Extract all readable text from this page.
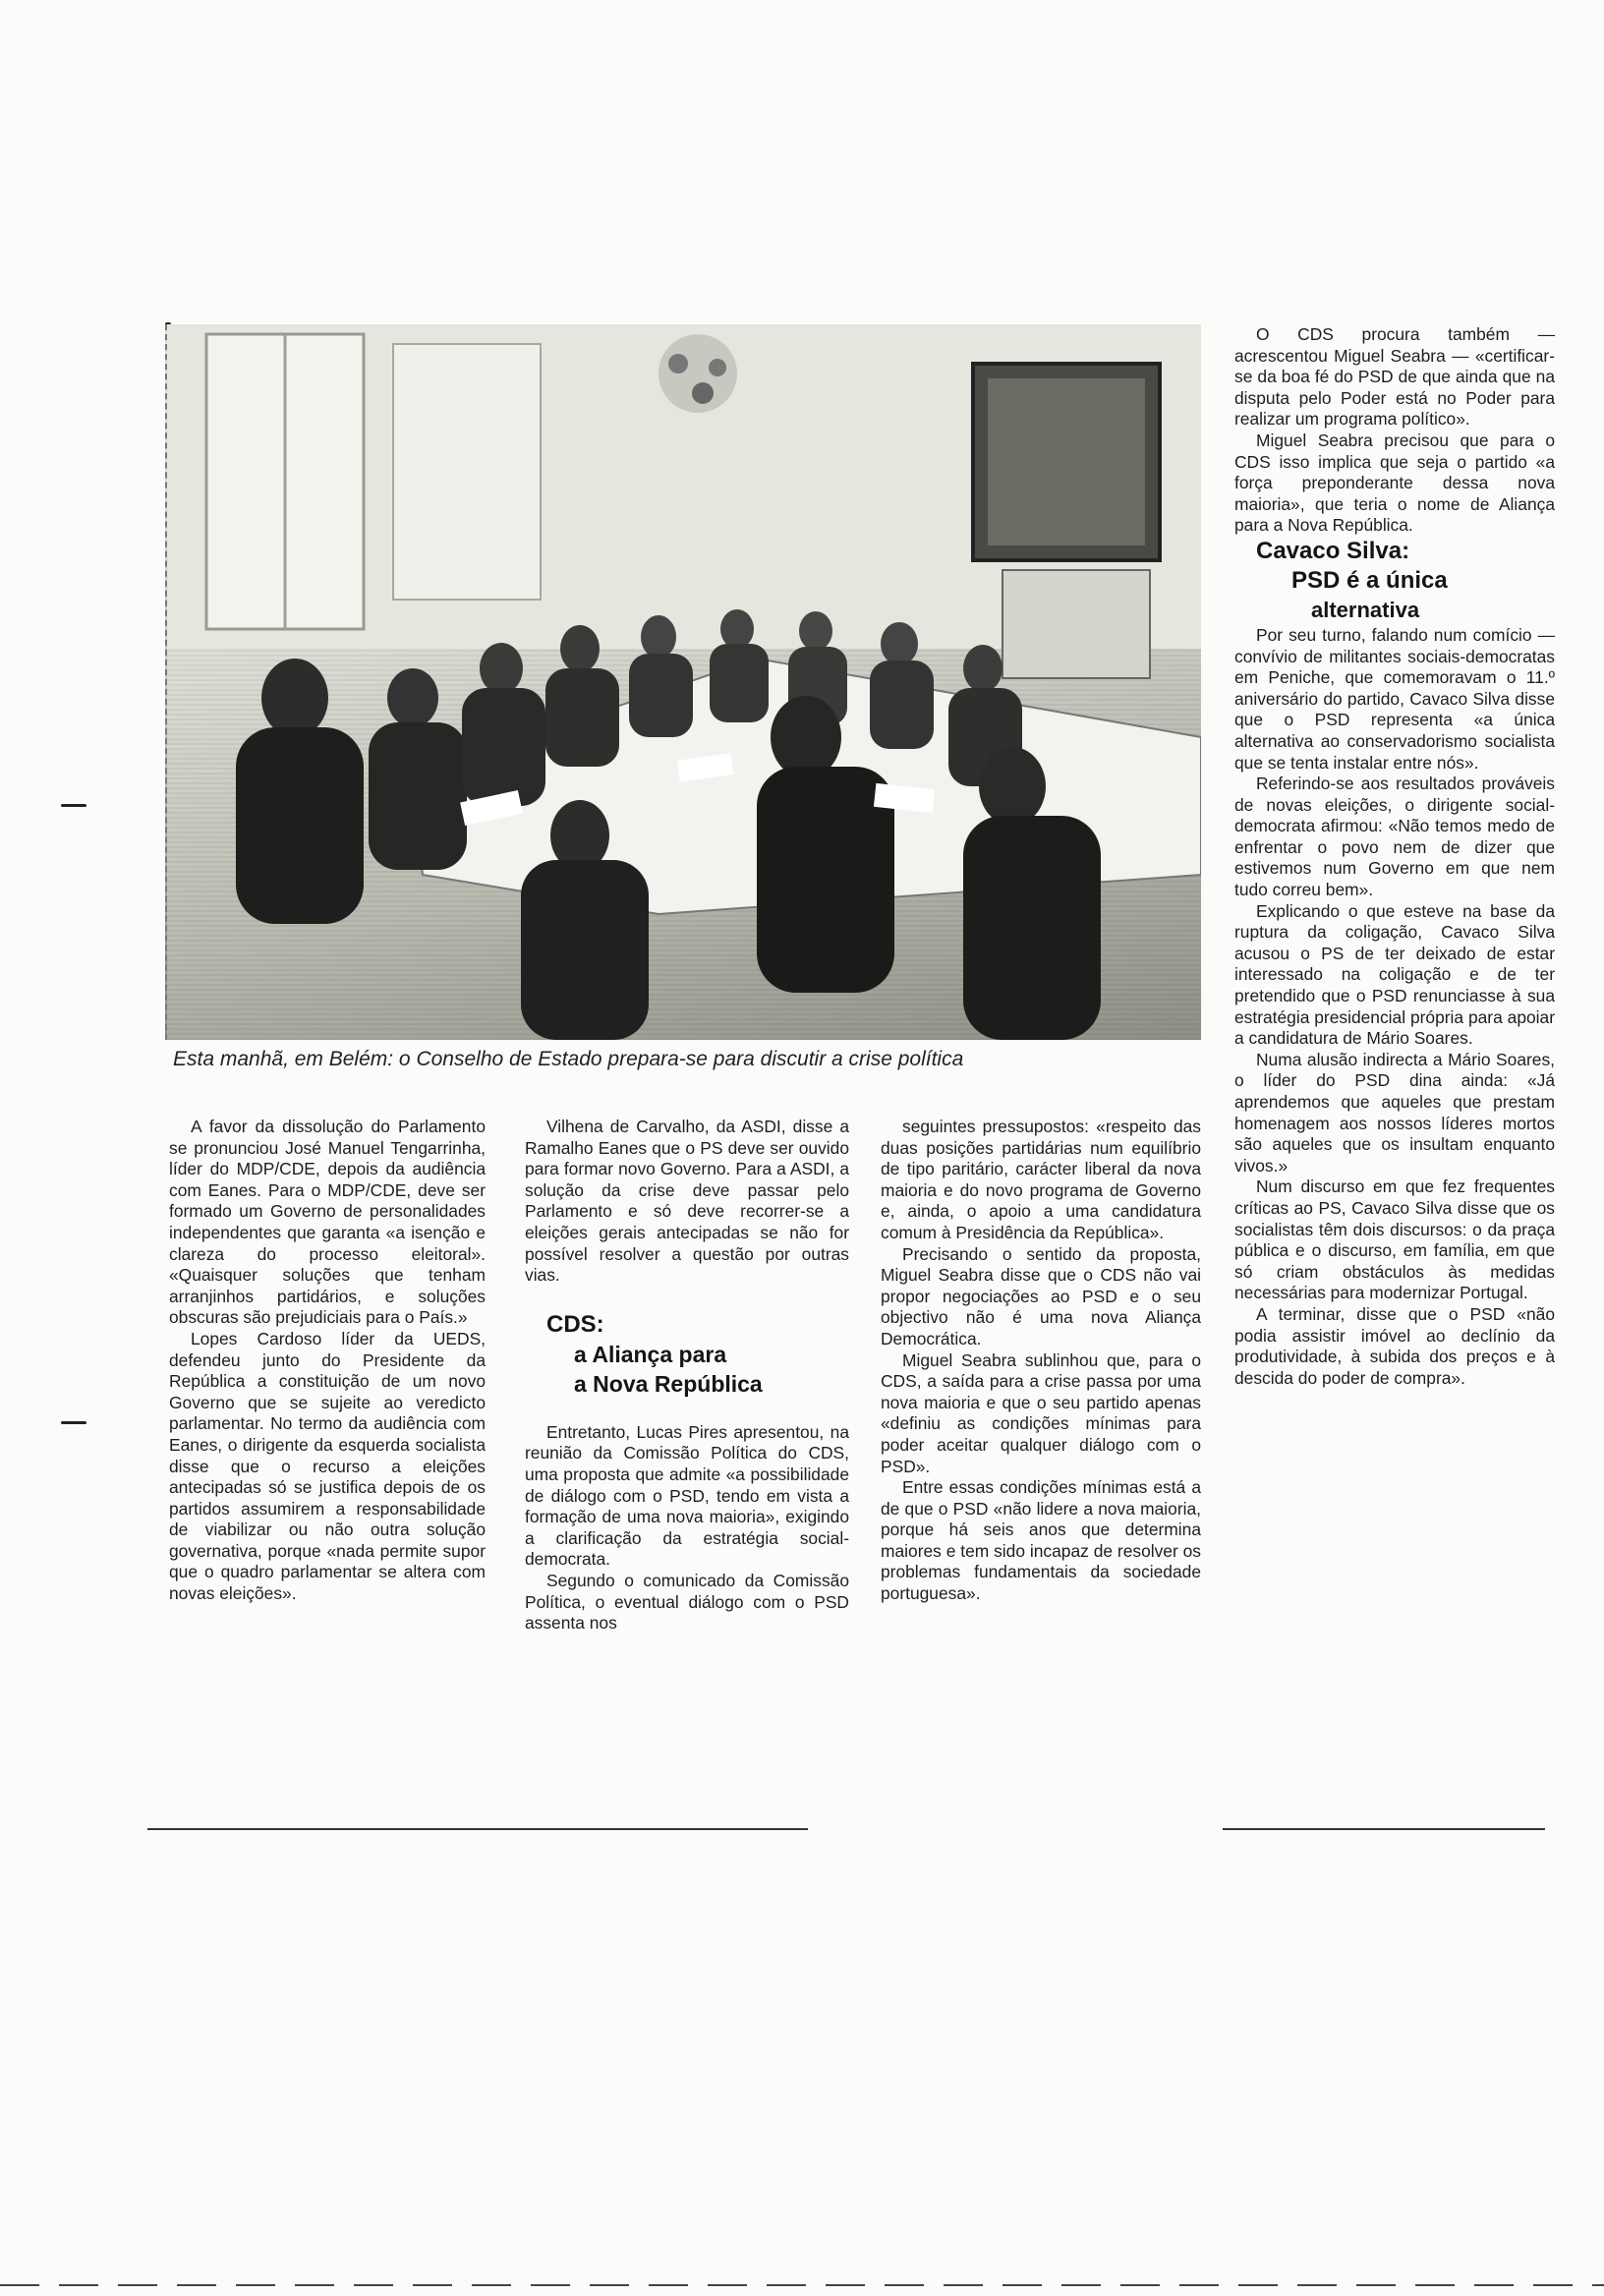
Esta manhã, em Belém: o Conselho de Estado prepara-se para discutir a crise política

A favor da dissolução do Parlamento se pronunciou José Manuel Tengarrinha, líder do MDP/CDE, depois da audiência com Eanes. Para o MDP/CDE, deve ser formado um Governo de personalidades independentes que garanta «a isenção e clareza do processo eleitoral». «Quaisquer soluções que tenham arranjinhos partidários, e soluções obscuras são prejudiciais para o País.»

Lopes Cardoso líder da UEDS, defendeu junto do Presidente da República a constituição de um novo Governo que se sujeite ao veredicto parlamentar. No termo da audiência com Eanes, o dirigente da esquerda socialista disse que o recurso a eleições antecipadas só se justifica depois de os partidos assumirem a responsabilidade de viabilizar ou não outra solução governativa, porque «nada permite supor que o quadro parlamentar se altera com novas eleições».

Vilhena de Carvalho, da ASDI, disse a Ramalho Eanes que o PS deve ser ouvido para formar novo Governo. Para a ASDI, a solução da crise deve passar pelo Parlamento e só deve recorrer-se a eleições gerais antecipadas se não for possível resolver a questão por outras vias.

CDS:
a Aliança para
a Nova República

Entretanto, Lucas Pires apresentou, na reunião da Comissão Política do CDS, uma proposta que admite «a possibilidade de diálogo com o PSD, tendo em vista a formação de uma nova maioria», exigindo a clarificação da estratégia social-democrata.

Segundo o comunicado da Comissão Política, o eventual diálogo com o PSD assenta nos

seguintes pressupostos: «respeito das duas posições partidárias num equilíbrio de tipo paritário, carácter liberal da nova maioria e do novo programa de Governo e, ainda, o apoio a uma candidatura comum à Presidência da República».

Precisando o sentido da proposta, Miguel Seabra disse que o CDS não vai propor negociações ao PSD e o seu objectivo não é uma nova Aliança Democrática.

Miguel Seabra sublinhou que, para o CDS, a saída para a crise passa por uma nova maioria e que o seu partido apenas «definiu as condições mínimas para poder aceitar qualquer diálogo com o PSD».

Entre essas condições mínimas está a de que o PSD «não lidere a nova maioria, porque há seis anos que determina maiores e tem sido incapaz de resolver os problemas fundamentais da sociedade portuguesa».

O CDS procura também — acrescentou Miguel Seabra — «certificar-se da boa fé do PSD de que ainda que na disputa pelo Poder está no Poder para realizar um programa político».

Miguel Seabra precisou que para o CDS isso implica que seja o partido «a força preponderante dessa nova maioria», que teria o nome de Aliança para a Nova República.

Cavaco Silva:
PSD é a única
alternativa

Por seu turno, falando num comício — convívio de militantes sociais-democratas em Peniche, que comemoravam o 11.º aniversário do partido, Cavaco Silva disse que o PSD representa «a única alternativa ao conservadorismo socialista que se tenta instalar entre nós».

Referindo-se aos resultados prováveis de novas eleições, o dirigente social-democrata afirmou: «Não temos medo de enfrentar o povo nem de dizer que estivemos num Governo em que nem tudo correu bem».

Explicando o que esteve na base da ruptura da coligação, Cavaco Silva acusou o PS de ter deixado de estar interessado na coligação e de ter pretendido que o PSD renunciasse à sua estratégia presidencial própria para apoiar a candidatura de Mário Soares.

Numa alusão indirecta a Mário Soares, o líder do PSD dina ainda: «Já aprendemos que aqueles que prestam homenagem aos nossos líderes mortos são aqueles que os insultam enquanto vivos.»

Num discurso em que fez frequentes críticas ao PS, Cavaco Silva disse que os socialistas têm dois discursos: o da praça pública e o discurso, em família, em que só criam obstáculos às medidas necessárias para modernizar Portugal.

A terminar, disse que o PSD «não podia assistir imóvel ao declínio da produtividade, à subida dos preços e à descida do poder de compra».
